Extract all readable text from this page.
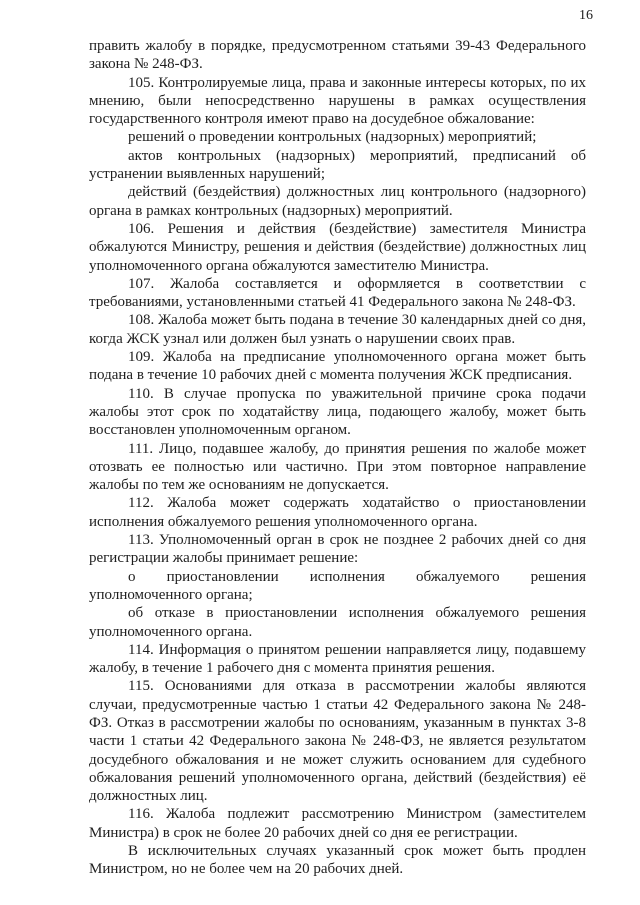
16

править жалобу в порядке, предусмотренном статьями 39-43 Федерального закона № 248-ФЗ.

105. Контролируемые лица, права и законные интересы которых, по их мнению, были непосредственно нарушены в рамках осуществления государственного контроля имеют право на досудебное обжалование:

решений о проведении контрольных (надзорных) мероприятий;

актов контрольных (надзорных) мероприятий, предписаний об устранении выявленных нарушений;

действий (бездействия) должностных лиц контрольного (надзорного) органа в рамках контрольных (надзорных) мероприятий.

106. Решения и действия (бездействие) заместителя Министра обжалуются Министру, решения и действия (бездействие) должностных лиц уполномоченного органа обжалуются заместителю Министра.

107. Жалоба составляется и оформляется в соответствии с требованиями, установленными статьей 41 Федерального закона № 248-ФЗ.

108. Жалоба может быть подана в течение 30 календарных дней со дня, когда ЖСК узнал или должен был узнать о нарушении своих прав.

109. Жалоба на предписание уполномоченного органа может быть подана в течение 10 рабочих дней с момента получения ЖСК предписания.

110. В случае пропуска по уважительной причине срока подачи жалобы этот срок по ходатайству лица, подающего жалобу, может быть восстановлен уполномоченным органом.

111. Лицо, подавшее жалобу, до принятия решения по жалобе может отозвать ее полностью или частично. При этом повторное направление жалобы по тем же основаниям не допускается.

112. Жалоба может содержать ходатайство о приостановлении исполнения обжалуемого решения уполномоченного органа.

113. Уполномоченный орган в срок не позднее 2 рабочих дней со дня регистрации жалобы принимает решение:

о приостановлении исполнения обжалуемого решения уполномоченного органа;

об отказе в приостановлении исполнения обжалуемого решения уполномоченного органа.

114. Информация о принятом решении направляется лицу, подавшему жалобу, в течение 1 рабочего дня с момента принятия решения.

115. Основаниями для отказа в рассмотрении жалобы являются случаи, предусмотренные частью 1 статьи 42 Федерального закона № 248-ФЗ. Отказ в рассмотрении жалобы по основаниям, указанным в пунктах 3-8 части 1 статьи 42 Федерального закона № 248-ФЗ, не является результатом досудебного обжалования и не может служить основанием для судебного обжалования решений уполномоченного органа, действий (бездействия) её должностных лиц.

116. Жалоба подлежит рассмотрению Министром (заместителем Министра) в срок не более 20 рабочих дней со дня ее регистрации.

В исключительных случаях указанный срок может быть продлен Министром, но не более чем на 20 рабочих дней.
